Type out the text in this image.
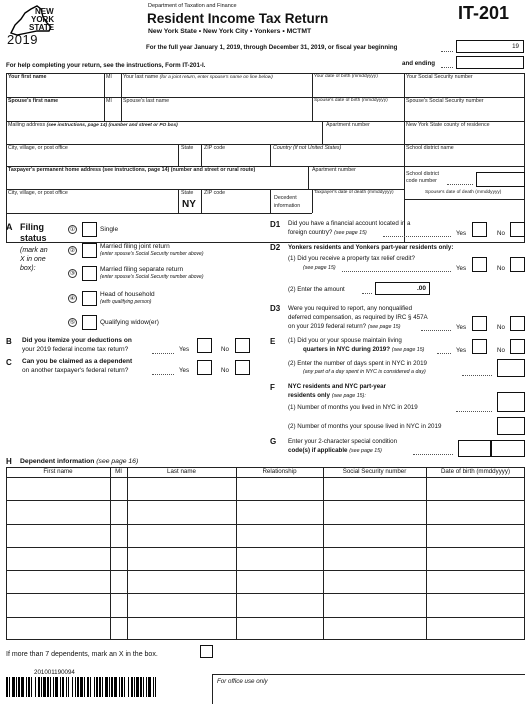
NEW
YORK
STATE
2019
Department of Taxation and Finance
Resident Income Tax Return
New York State • New York City • Yonkers • MCTMT
IT-201
For the full year January 1, 2019, through December 31, 2019, or fiscal year beginning	19
and ending
For help completing your return, see the instructions, Form IT-201-I.
Your first name	MI Your last name (for a joint return, enter spouse's name on line below)	Your date of birth (mmddyyyy)	Your Social Security number
Spouse's first name	MI Spouse's last name	Spouse's date of birth (mmddyyyy)	Spouse's Social Security number
Mailing address (see instructions, page 14) (number and street or PO box)	Apartment number	New York State county of residence
City, village, or post office	State ZIP code	Country (if not United States)	School district name
Taxpayer's permanent home address (see instructions, page 14) (number and street or rural route)	Apartment number
School district
code number
City, village, or post office	State ZIP code
NY
Decedent
information
Taxpayer's date of death (mmddyyyy)	Spouse's date of death (mmddyyyy)
A Filing
status
(mark an
X in one
box):
①	Single
②
Married filing joint return
(enter spouse's Social Security number above)
③
Married filing separate return
(enter spouse's Social Security number above)
④
Head of household
(with qualifying person)
⑤	Qualifying widow(er)
B Did you itemize your deductions on
your 2019 federal income tax return?	Yes	No
C Can you be claimed as a dependent
on another taxpayer's federal return?	Yes	No
D1 Did you have a financial account located in a
foreign country? (see page 15)	Yes	No
D2 Yonkers residents and Yonkers part-year residents only:
(1) Did you receive a property tax relief credit?
(see page 15)	Yes	No
(2) Enter the amount	.00
D3 Were you required to report, any nonqualified
deferred compensation, as required by IRC § 457A
on your 2019 federal return? (see page 15)	Yes	No
E (1) Did you or your spouse maintain living
quarters in NYC during 2019? (see page 15)	Yes	No
(2) Enter the number of days spent in NYC in 2019
(any part of a day spent in NYC is considered a day)
F NYC residents and NYC part-year
residents only (see page 15):
(1) Number of months you lived in NYC in 2019
(2) Number of months your spouse lived in NYC in 2019
G Enter your 2-character special condition
code(s) if applicable (see page 15)
H Dependent information (see page 16)
First name	MI	Last name	Relationship	Social Security number	Date of birth (mmddyyyy)
If more than 7 dependents, mark an X in the box.
201001190094
For office use only
